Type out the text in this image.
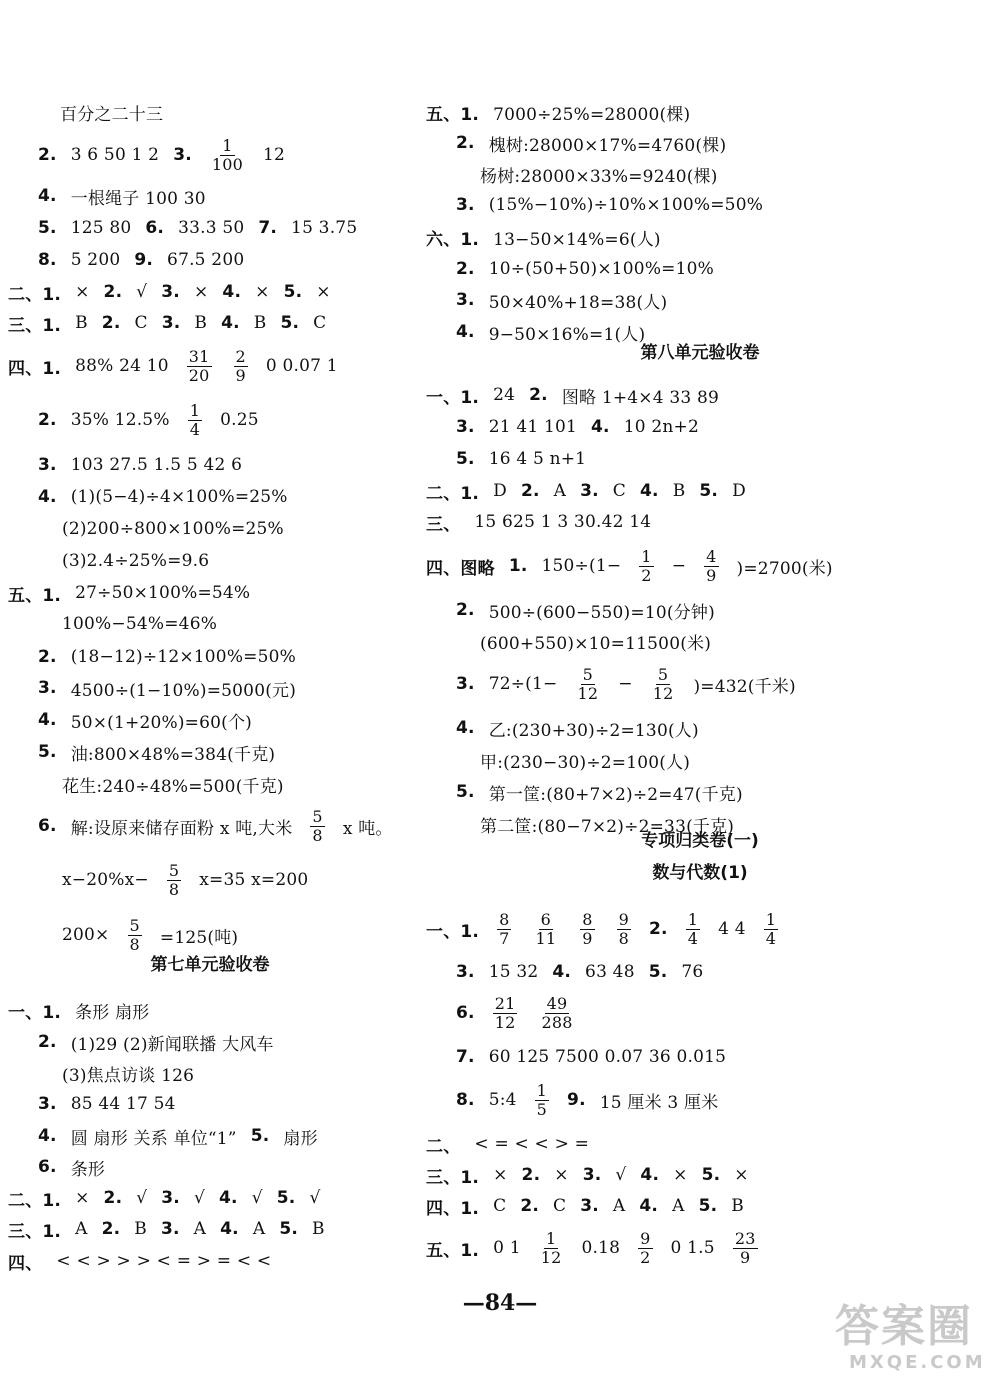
第八单元验收卷
专项归类卷(一)
数与代数(1)
第七单元验收卷
百分之二十三
2. 3 6 50 1 2 3. $\frac{1}{100} 12$
4. 一根绳子 100 30
5. 125 80 6. 33.3 50 7. 15 3.75
8. 5 200 9. 67.5 200
二、1. × 2. √ 3. × 4. × 5. ×
三、1. B 2. C 3. B 4. B 5. C
四、1. 88% 24 $10 \frac{31}{20} \frac{2}{9} 0$ 0.07 1
2. 35% $12.5\% \frac{1}{4} 0.25$
3. 103 27.5 1.5 5 42 6
4. (1)(5−4)÷4×100%=25%
(2)200÷800×100%=25%
(3)2.4÷25%=9.6
五、1. 27÷50×100%=54%
100%−54%=46%
2. (18−12)÷12×100%=50%
3. 4500÷(1−10%)=5000(元)
4. 50×(1+20%)=60(个)
5. 油:800×48%=384(千克)
花生:240÷48%=500(千克)
6. 解:设原来储存面粉 x 吨,大米 $\frac{5}{8}$ x 吨。
$x-20\%x- \frac{5}{8} x=35$ x=200
$200\times \frac{5}{8} =125$(吨)
一、1. 条形 扇形
2. (1)29 (2)新闻联播 大风车
(3)焦点访谈 126
3. 85 44 17 54
4. 圆 扇形 关系 单位“1” 5. 扇形
6. 条形
二、1. × 2. √ 3. √ 4. √ 5. √
三、1. A 2. B 3. A 4. A 5. B
四、 < < > > > < = > = < <
五、1. 7000÷25%=28000(棵)
2. 槐树:28000×17%=4760(棵)
杨树:28000×33%=9240(棵)
3. (15%−10%)÷10%×100%=50%
六、1. 13−50×14%=6(人)
2. 10÷(50+50)×100%=10%
3. 50×40%+18=38(人)
4. 9−50×16%=1(人)
一、1. 24 2. 图略 1+4×4 33 89
3. 21 41 101 4. 10 2n+2
5. 16 4 5 n+1
二、1. D 2. A 3. C 4. B 5. D
三、 15 625 1 3 30.42 14
四、图略 1. $150\div(1- \frac{1}{2} - \frac{4}{9} )=2700$(米)
2. 500÷(600−550)=10(分钟)
(600+550)×10=11500(米)
3. $72\div(1- \frac{5}{12} - \frac{5}{12} )=432$(千米)
4. 乙:(230+30)÷2=130(人)
甲:(230−30)÷2=100(人)
5. 第一筐:(80+7×2)÷2=47(千克)
第二筐:(80−7×2)÷2=33(千克)
一、1. $\frac{8}{7} \frac{6}{11} \frac{8}{9} \frac{9}{8} 2$. $\frac{1}{4} 4$ $4 \frac{1}{4}$
3. 15 32 4. 63 48 5. 76
6. $\frac{21}{12} \frac{49}{288}$
7. 60 125 7500 0.07 36 0.015
8. 5:4 $\frac{1}{5} 9$. 15 厘米 3 厘米
二、 < = < < > =
三、1. × 2. × 3. √ 4. × 5. ×
四、1. C 2. C 3. A 4. A 5. B
五、1. 0 $1 \frac{1}{12} 0.18 \frac{9}{2} 0$ $1.5 \frac{23}{9}$
—84—	答案圈
MXQE.COM
